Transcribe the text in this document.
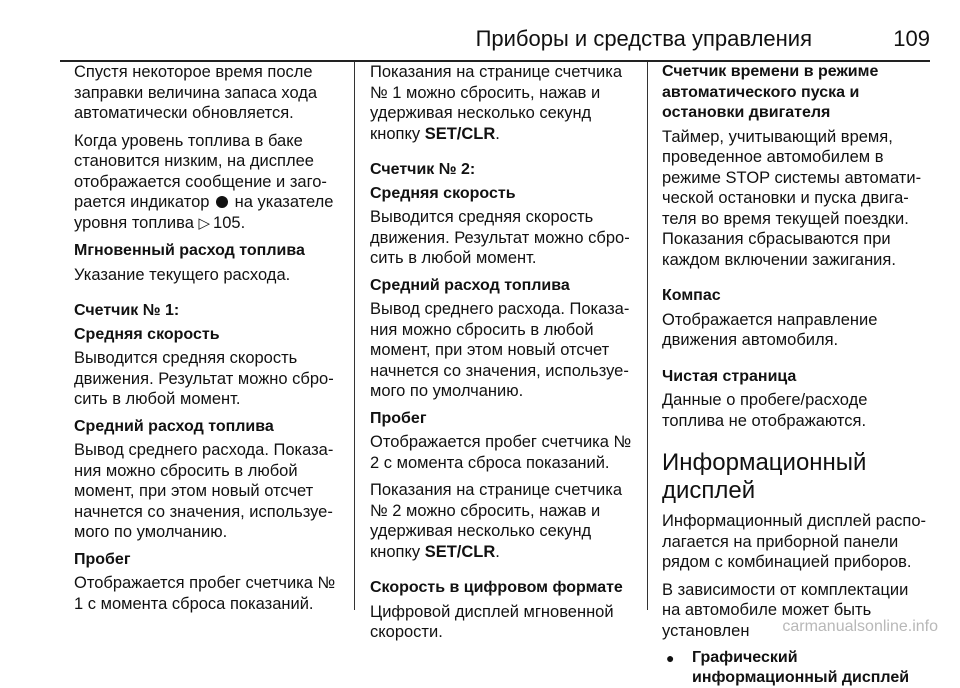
Приборы и средства управления	109

Спустя некоторое время после заправки величина запаса хода автоматически обновляется.

Когда уровень топлива в баке становится низким, на дисплее отображается сообщение и загорается индикатор на указателе уровня топлива ▷ 105.

Мгновенный расход топлива

Указание текущего расхода.

Счетчик № 1:
Средняя скорость

Выводится средняя скорость движения. Результат можно сбросить в любой момент.

Средний расход топлива

Вывод среднего расхода. Показания можно сбросить в любой момент, при этом новый отсчет начнется со значения, используемого по умолчанию.

Пробег

Отображается пробег счетчика № 1 с момента сброса показаний.

Показания на странице счетчика № 1 можно сбросить, нажав и удерживая несколько секунд кнопку SET/CLR.

Счетчик № 2:
Средняя скорость

Выводится средняя скорость движения. Результат можно сбросить в любой момент.

Средний расход топлива

Вывод среднего расхода. Показания можно сбросить в любой момент, при этом новый отсчет начнется со значения, используемого по умолчанию.

Пробег

Отображается пробег счетчика № 2 с момента сброса показаний.

Показания на странице счетчика № 2 можно сбросить, нажав и удерживая несколько секунд кнопку SET/CLR.

Скорость в цифровом формате

Цифровой дисплей мгновенной скорости.

Счетчик времени в режиме автоматического пуска и остановки двигателя

Таймер, учитывающий время, проведенное автомобилем в режиме STOP системы автоматической остановки и пуска двигателя во время текущей поездки. Показания сбрасываются при каждом включении зажигания.

Компас

Отображается направление движения автомобиля.

Чистая страница

Данные о пробеге/расходе топлива не отображаются.

Информационный дисплей

Информационный дисплей располагается на приборной панели рядом с комбинацией приборов.

В зависимости от комплектации на автомобиле может быть установлен

● Графический информационный дисплей
carmanualsonline.info
